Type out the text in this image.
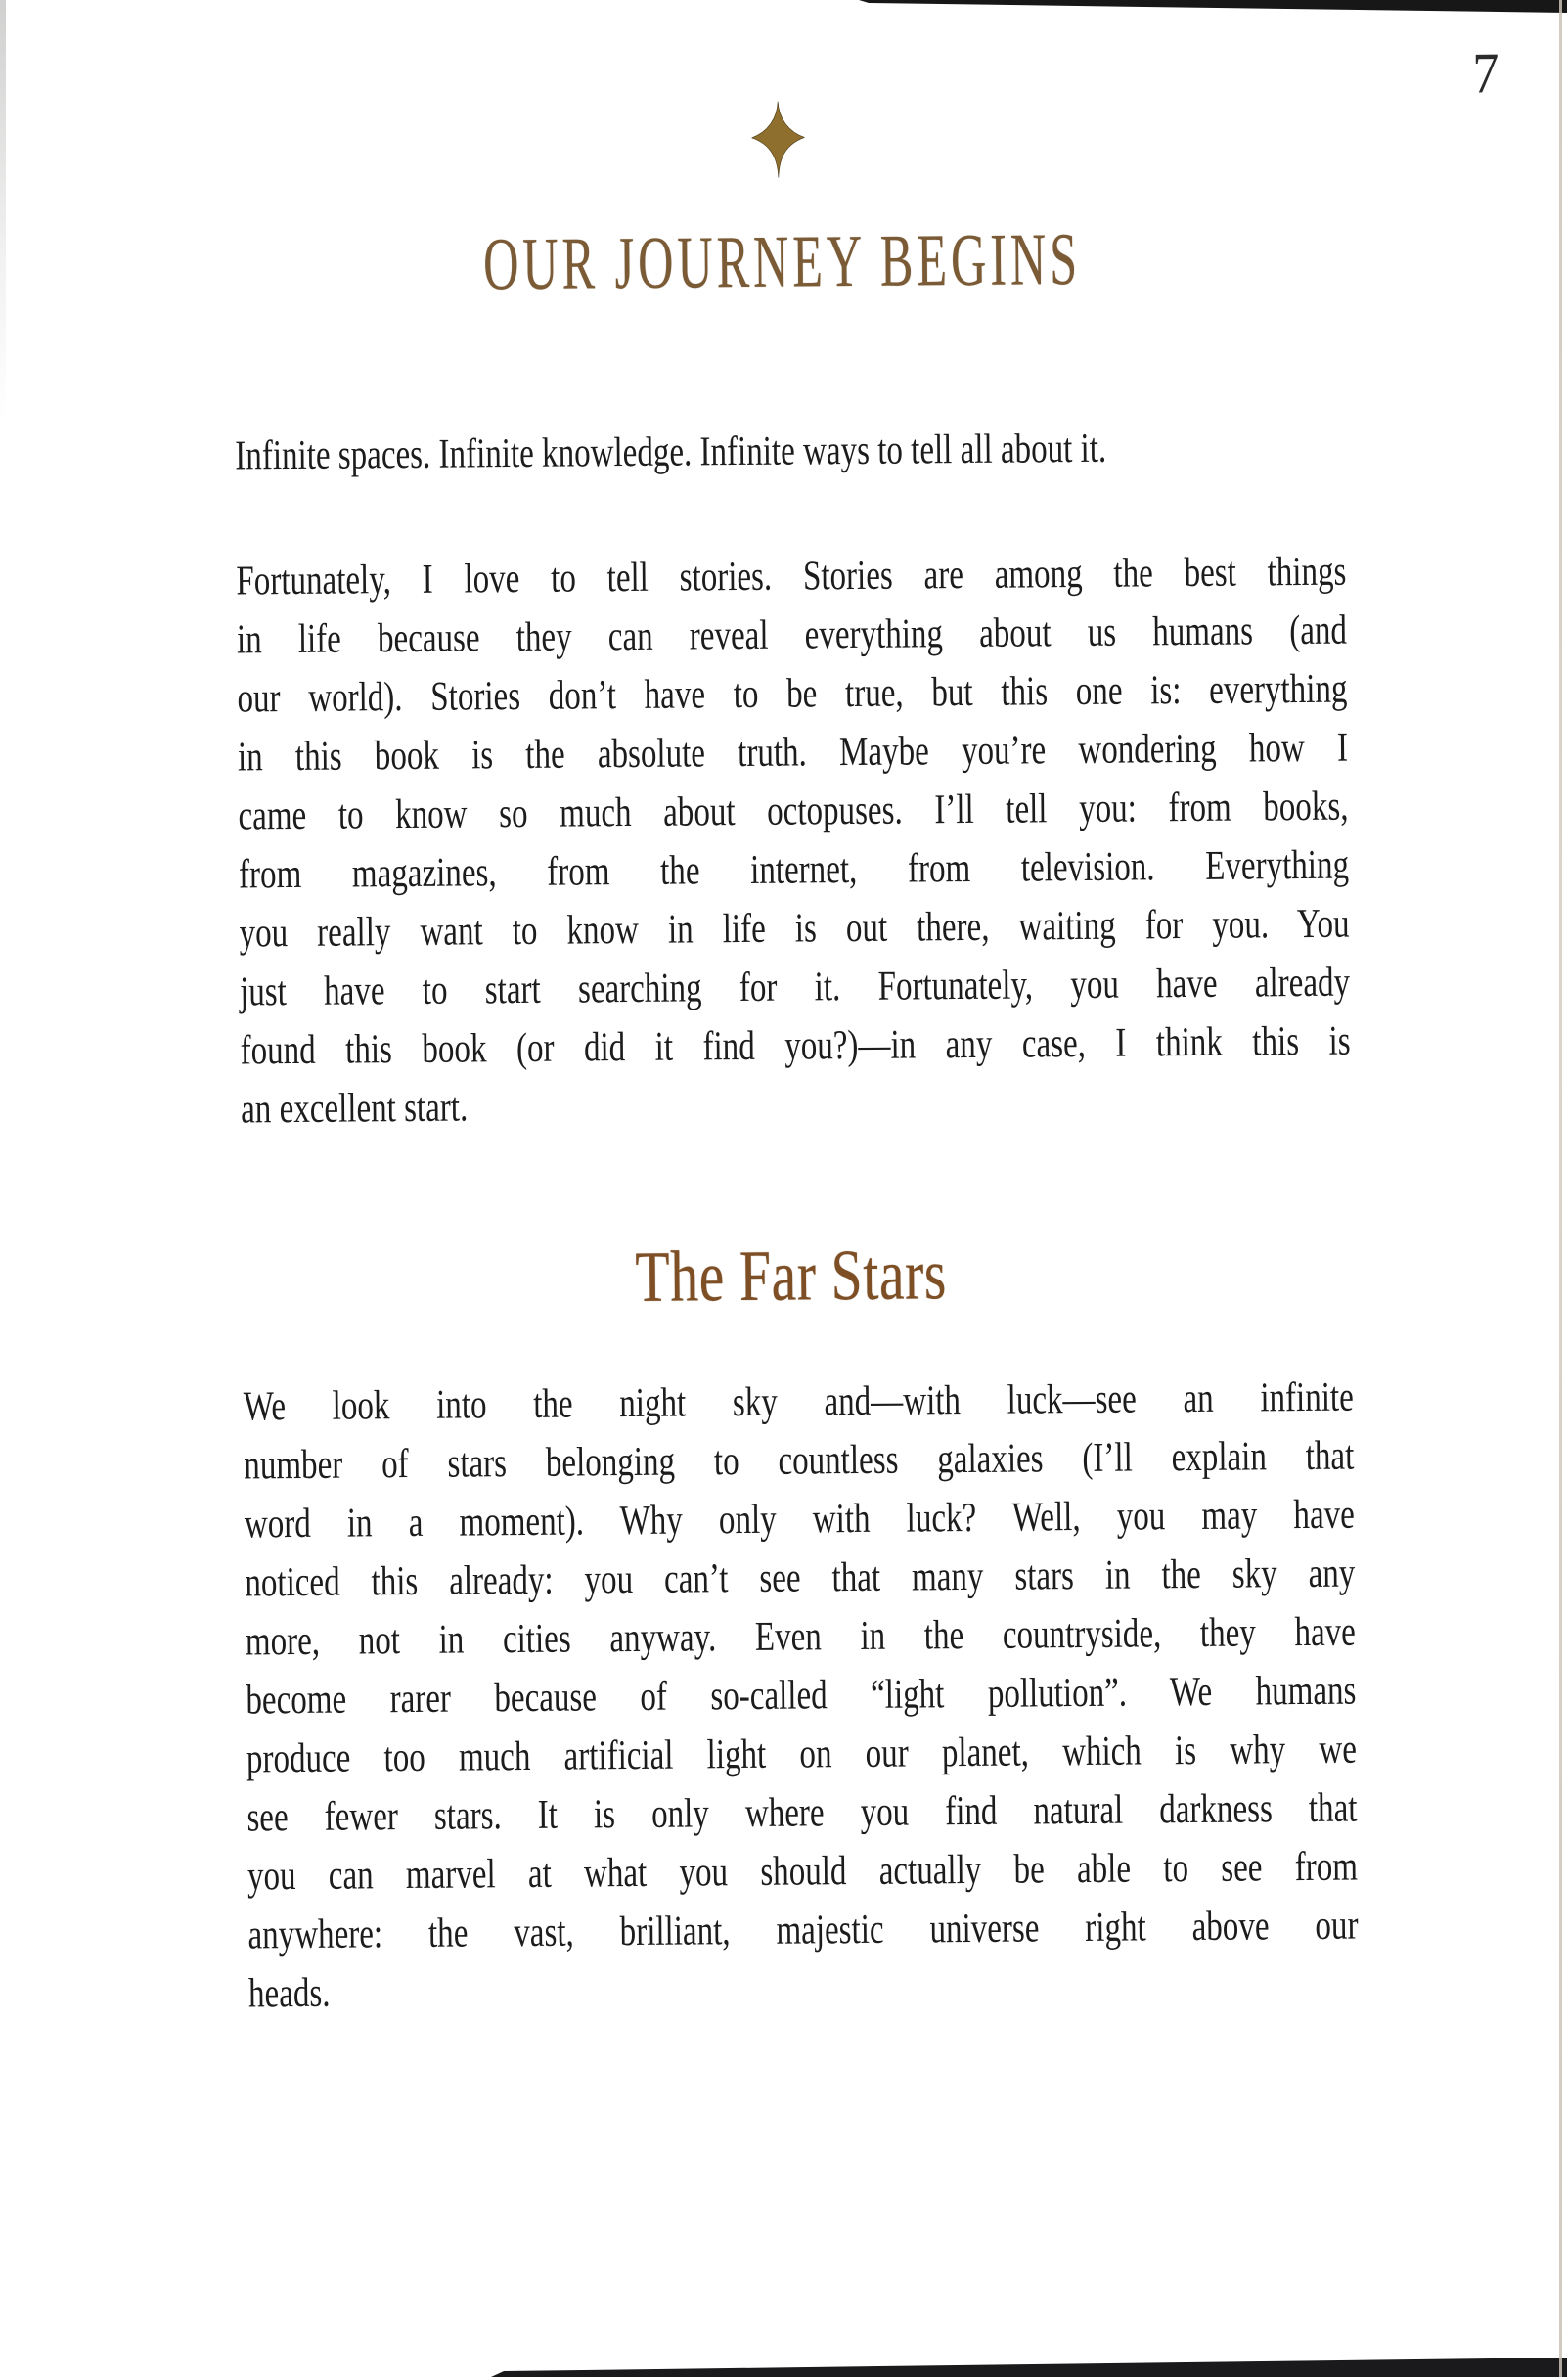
7
OUR JOURNEY BEGINS
Infinite spaces. Infinite knowledge. Infinite ways to tell all about it.
Fortunately, I love to tell stories. Stories are among the best things
in life because they can reveal everything about us humans (and
our world). Stories don’t have to be true, but this one is: everything
in this book is the absolute truth. Maybe you’re wondering how I
came to know so much about octopuses. I’ll tell you: from books,
from magazines, from the internet, from television. Everything
you really want to know in life is out there, waiting for you. You
just have to start searching for it. Fortunately, you have already
found this book (or did it find you?)—in any case, I think this is
an excellent start.
The Far Stars
We look into the night sky and—with luck—see an infinite
number of stars belonging to countless galaxies (I’ll explain that
word in a moment). Why only with luck? Well, you may have
noticed this already: you can’t see that many stars in the sky any
more, not in cities anyway. Even in the countryside, they have
become rarer because of so-called “light pollution”. We humans
produce too much artificial light on our planet, which is why we
see fewer stars. It is only where you find natural darkness that
you can marvel at what you should actually be able to see from
anywhere: the vast, brilliant, majestic universe right above our
heads.
